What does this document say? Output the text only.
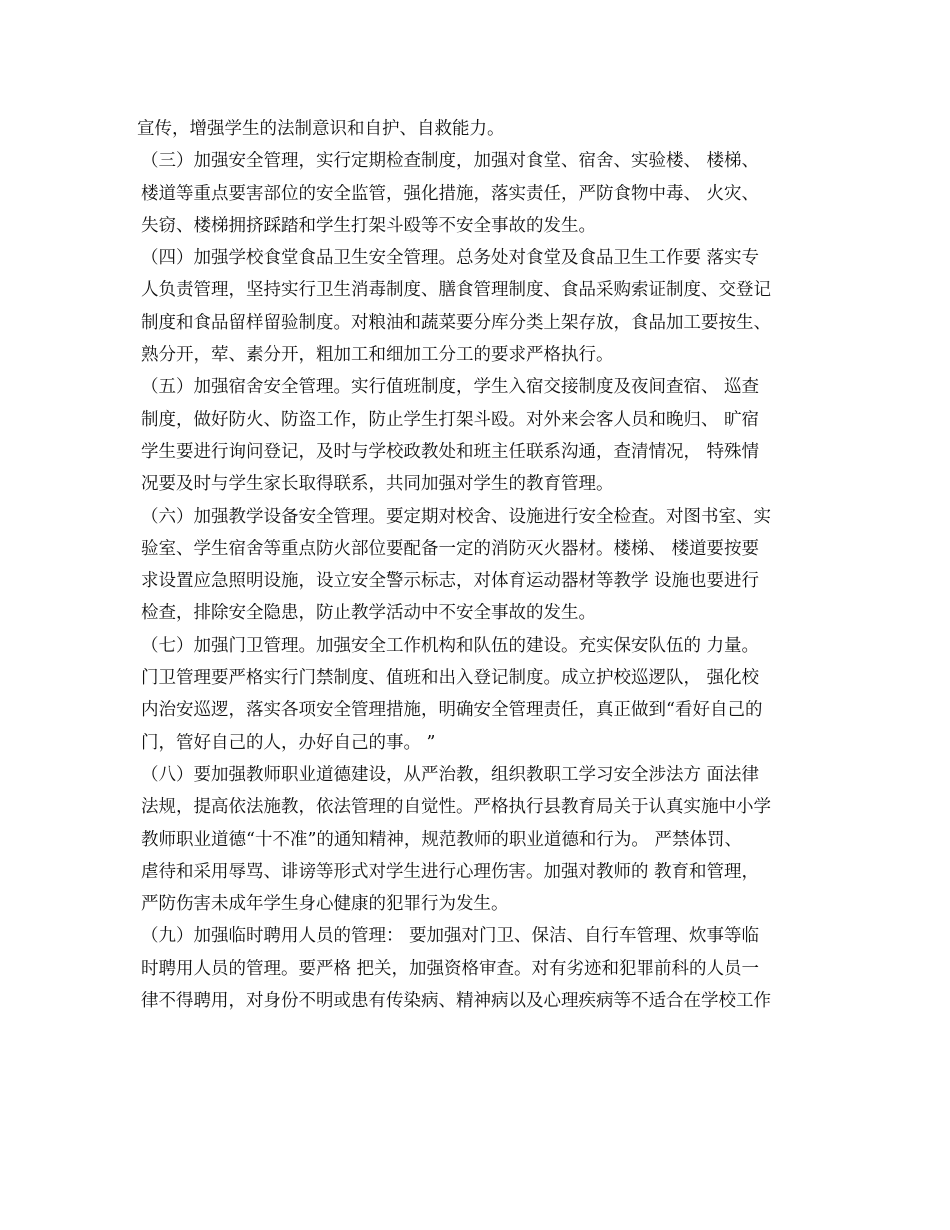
宣传，增强学生的法制意识和自护、自救能力。
（三）加强安全管理，实行定期检查制度，加强对食堂、宿舍、实验楼、 楼梯、
楼道等重点要害部位的安全监管，强化措施，落实责任，严防食物中毒、 火灾、
失窃、楼梯拥挤踩踏和学生打架斗殴等不安全事故的发生。
（四）加强学校食堂食品卫生安全管理。总务处对食堂及食品卫生工作要 落实专
人负责管理，坚持实行卫生消毒制度、膳食管理制度、食品采购索证制度、交登记
制度和食品留样留验制度。对粮油和蔬菜要分库分类上架存放，食品加工要按生、
熟分开，荤、素分开，粗加工和细加工分工的要求严格执行。
（五）加强宿舍安全管理。实行值班制度，学生入宿交接制度及夜间查宿、 巡查
制度，做好防火、防盗工作，防止学生打架斗殴。对外来会客人员和晚归、 旷宿
学生要进行询问登记，及时与学校政教处和班主任联系沟通，查清情况， 特殊情
况要及时与学生家长取得联系，共同加强对学生的教育管理。
（六）加强教学设备安全管理。要定期对校舍、设施进行安全检查。对图书室、实
验室、学生宿舍等重点防火部位要配备一定的消防灭火器材。楼梯、 楼道要按要
求设置应急照明设施，设立安全警示标志，对体育运动器材等教学 设施也要进行
检查，排除安全隐患，防止教学活动中不安全事故的发生。
（七）加强门卫管理。加强安全工作机构和队伍的建设。充实保安队伍的 力量。
门卫管理要严格实行门禁制度、值班和出入登记制度。成立护校巡逻队， 强化校
内治安巡逻，落实各项安全管理措施，明确安全管理责任，真正做到“看好自己的
门，管好自己的人，办好自己的事。 ”
（八）要加强教师职业道德建设，从严治教，组织教职工学习安全涉法方 面法律
法规，提高依法施教，依法管理的自觉性。严格执行县教育局关于认真实施中小学
教师职业道德“十不准”的通知精神，规范教师的职业道德和行为。 严禁体罚、
虐待和采用辱骂、诽谤等形式对学生进行心理伤害。加强对教师的 教育和管理，
严防伤害未成年学生身心健康的犯罪行为发生。
（九）加强临时聘用人员的管理： 要加强对门卫、保洁、自行车管理、炊事等临
时聘用人员的管理。要严格 把关，加强资格审查。对有劣迹和犯罪前科的人员一
律不得聘用，对身份不明或患有传染病、精神病以及心理疾病等不适合在学校工作
